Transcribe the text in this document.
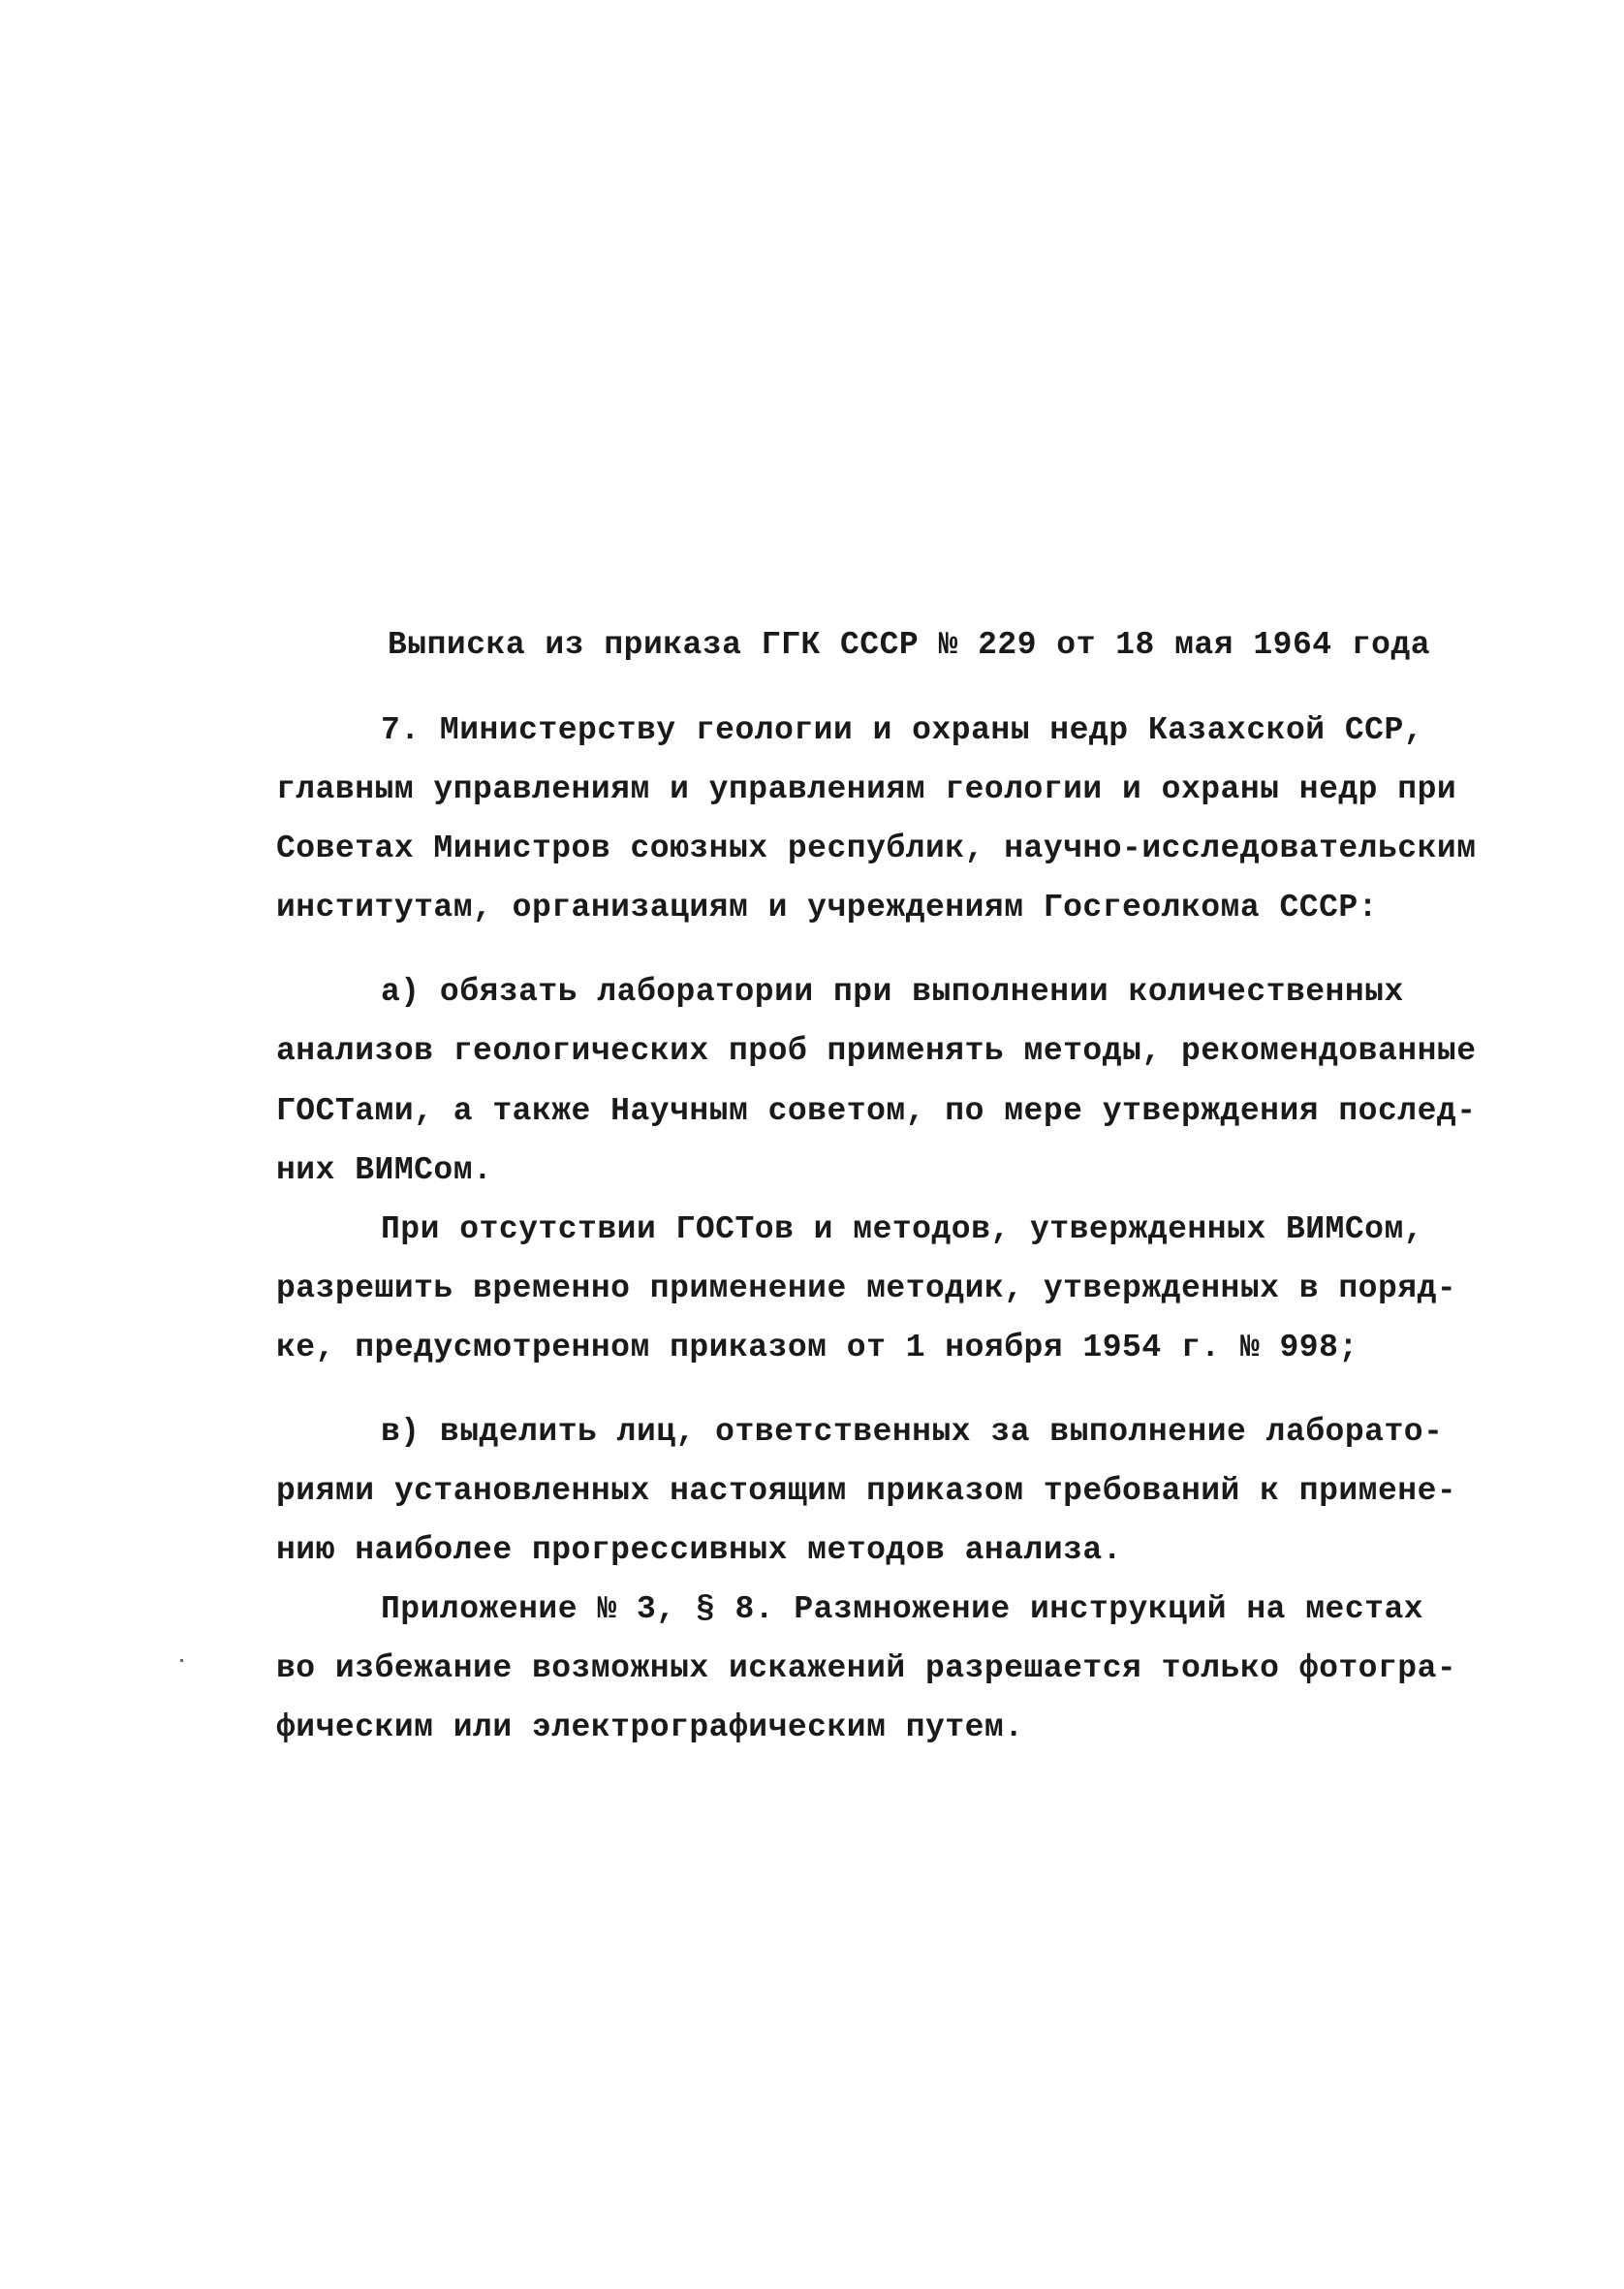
Выписка из приказа ГГК СССР № 229 от 18 мая 1964 года
7. Министерству геологии и охраны недр Казахской ССР,
главным управлениям и управлениям геологии и охраны недр при
Советах Министров союзных республик, научно-исследовательским
институтам, организациям и учреждениям Госгеолкома СССР:
а) обязать лаборатории при выполнении количественных
анализов геологических проб применять методы, рекомендованные
ГОСТами, а также Научным советом, по мере утверждения послед-
них ВИМСом.
При отсутствии ГОСТов и методов, утвержденных ВИМСом,
разрешить временно применение методик, утвержденных в поряд-
ке, предусмотренном приказом от 1 ноября 1954 г. № 998;
в) выделить лиц, ответственных за выполнение лаборато-
риями установленных настоящим приказом требований к примене-
нию наиболее прогрессивных методов анализа.
Приложение № 3, § 8. Размножение инструкций на местах
во избежание возможных искажений разрешается только фотогра-
фическим или электрографическим путем.
